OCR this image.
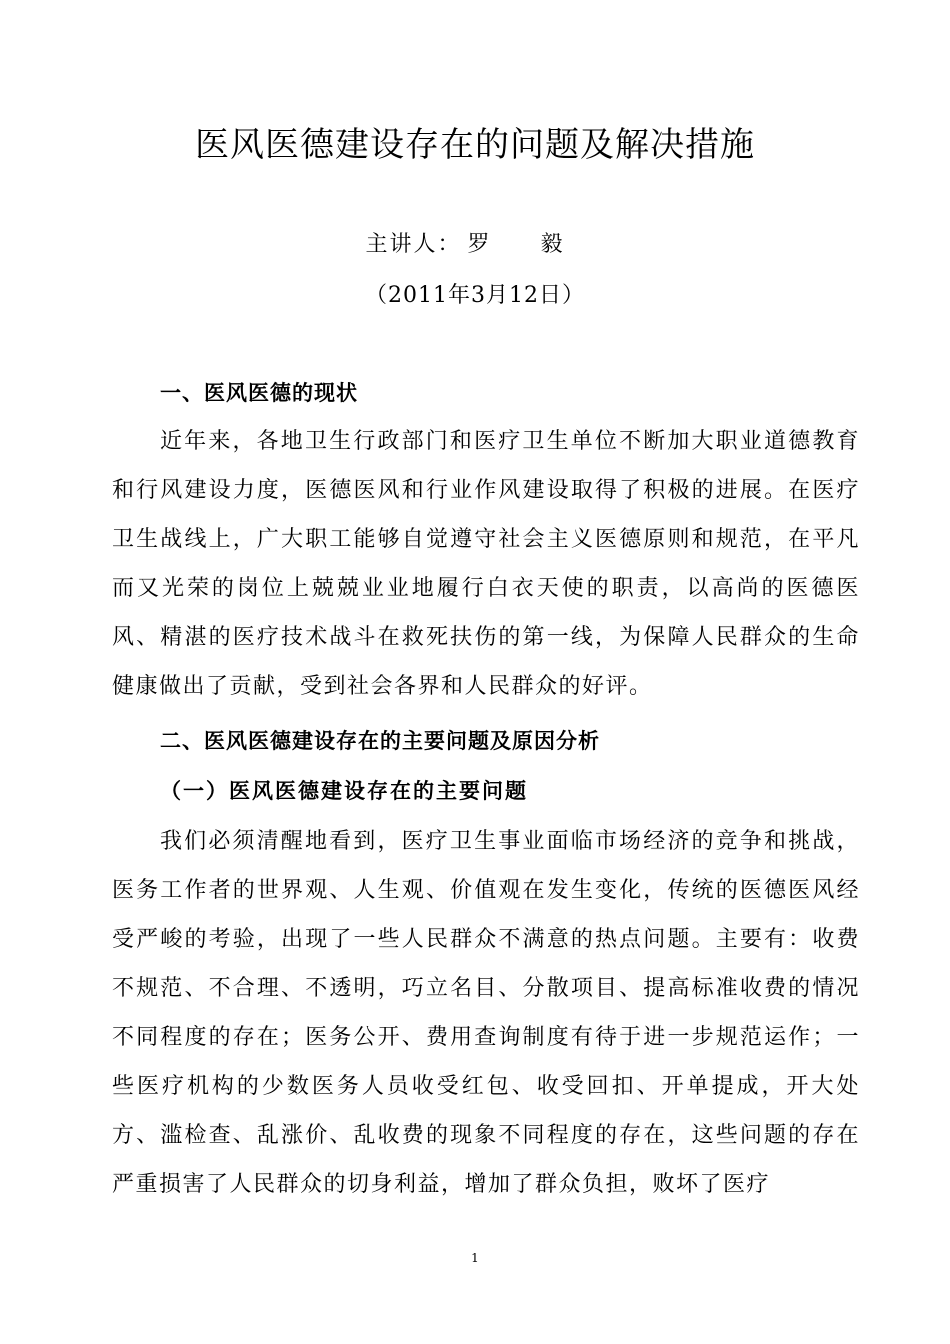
医风医德建设存在的问题及解决措施
主讲人： 罗 毅
（2011年3月12日）
一、医风医德的现状

近年来，各地卫生行政部门和医疗卫生单位不断加大职业道德教育和行风建设力度，医德医风和行业作风建设取得了积极的进展。在医疗卫生战线上，广大职工能够自觉遵守社会主义医德原则和规范，在平凡而又光荣的岗位上兢兢业业地履行白衣天使的职责，以高尚的医德医风、精湛的医疗技术战斗在救死扶伤的第一线，为保障人民群众的生命健康做出了贡献，受到社会各界和人民群众的好评。

二、医风医德建设存在的主要问题及原因分析
（一）医风医德建设存在的主要问题

我们必须清醒地看到，医疗卫生事业面临市场经济的竞争和挑战，医务工作者的世界观、人生观、价值观在发生变化，传统的医德医风经受严峻的考验，出现了一些人民群众不满意的热点问题。主要有：收费不规范、不合理、不透明，巧立名目、分散项目、提高标准收费的情况不同程度的存在；医务公开、费用查询制度有待于进一步规范运作；一些医疗机构的少数医务人员收受红包、收受回扣、开单提成，开大处方、滥检查、乱涨价、乱收费的现象不同程度的存在，这些问题的存在严重损害了人民群众的切身利益，增加了群众负担，败坏了医疗

1
